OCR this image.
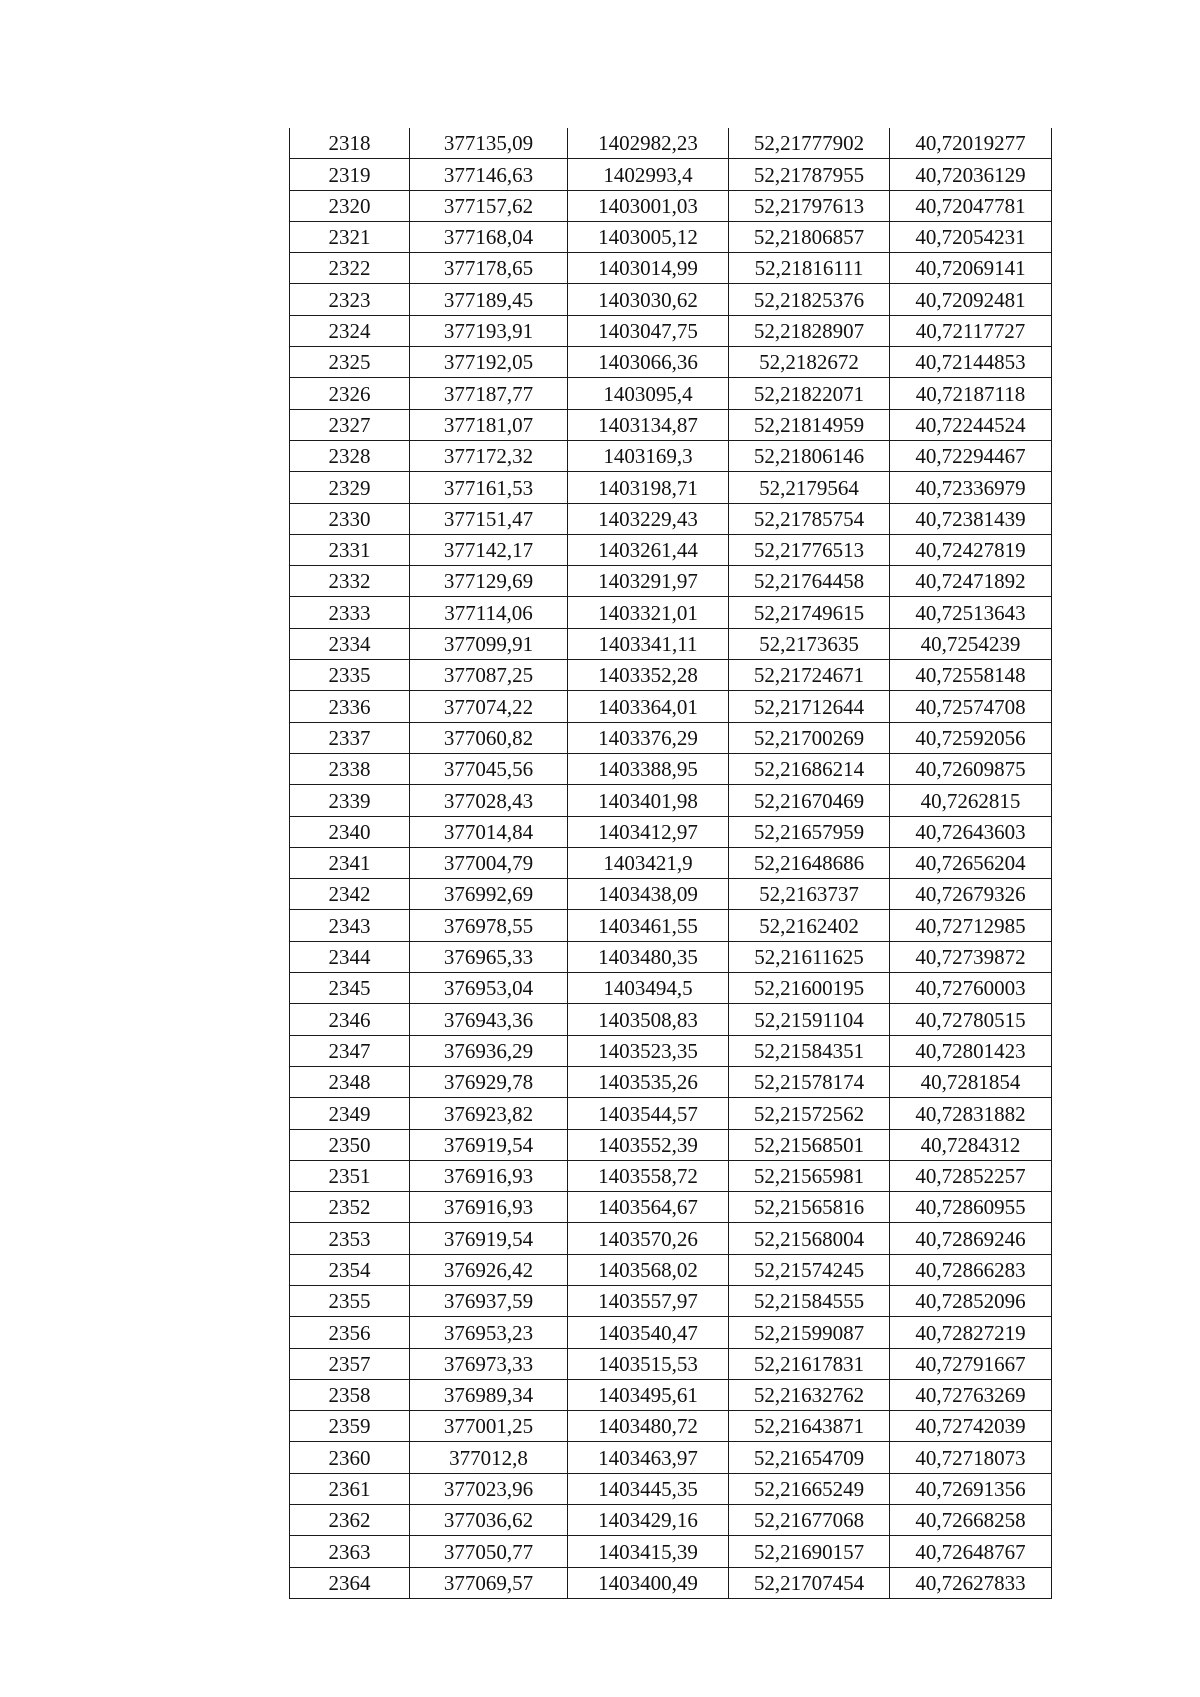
2318	377135,09	1402982,23	52,21777902	40,72019277
2319	377146,63	1402993,4	52,21787955	40,72036129
2320	377157,62	1403001,03	52,21797613	40,72047781
2321	377168,04	1403005,12	52,21806857	40,72054231
2322	377178,65	1403014,99	52,21816111	40,72069141
2323	377189,45	1403030,62	52,21825376	40,72092481
2324	377193,91	1403047,75	52,21828907	40,72117727
2325	377192,05	1403066,36	52,2182672	40,72144853
2326	377187,77	1403095,4	52,21822071	40,72187118
2327	377181,07	1403134,87	52,21814959	40,72244524
2328	377172,32	1403169,3	52,21806146	40,72294467
2329	377161,53	1403198,71	52,2179564	40,72336979
2330	377151,47	1403229,43	52,21785754	40,72381439
2331	377142,17	1403261,44	52,21776513	40,72427819
2332	377129,69	1403291,97	52,21764458	40,72471892
2333	377114,06	1403321,01	52,21749615	40,72513643
2334	377099,91	1403341,11	52,2173635	40,7254239
2335	377087,25	1403352,28	52,21724671	40,72558148
2336	377074,22	1403364,01	52,21712644	40,72574708
2337	377060,82	1403376,29	52,21700269	40,72592056
2338	377045,56	1403388,95	52,21686214	40,72609875
2339	377028,43	1403401,98	52,21670469	40,7262815
2340	377014,84	1403412,97	52,21657959	40,72643603
2341	377004,79	1403421,9	52,21648686	40,72656204
2342	376992,69	1403438,09	52,2163737	40,72679326
2343	376978,55	1403461,55	52,2162402	40,72712985
2344	376965,33	1403480,35	52,21611625	40,72739872
2345	376953,04	1403494,5	52,21600195	40,72760003
2346	376943,36	1403508,83	52,21591104	40,72780515
2347	376936,29	1403523,35	52,21584351	40,72801423
2348	376929,78	1403535,26	52,21578174	40,7281854
2349	376923,82	1403544,57	52,21572562	40,72831882
2350	376919,54	1403552,39	52,21568501	40,7284312
2351	376916,93	1403558,72	52,21565981	40,72852257
2352	376916,93	1403564,67	52,21565816	40,72860955
2353	376919,54	1403570,26	52,21568004	40,72869246
2354	376926,42	1403568,02	52,21574245	40,72866283
2355	376937,59	1403557,97	52,21584555	40,72852096
2356	376953,23	1403540,47	52,21599087	40,72827219
2357	376973,33	1403515,53	52,21617831	40,72791667
2358	376989,34	1403495,61	52,21632762	40,72763269
2359	377001,25	1403480,72	52,21643871	40,72742039
2360	377012,8	1403463,97	52,21654709	40,72718073
2361	377023,96	1403445,35	52,21665249	40,72691356
2362	377036,62	1403429,16	52,21677068	40,72668258
2363	377050,77	1403415,39	52,21690157	40,72648767
2364	377069,57	1403400,49	52,21707454	40,72627833
